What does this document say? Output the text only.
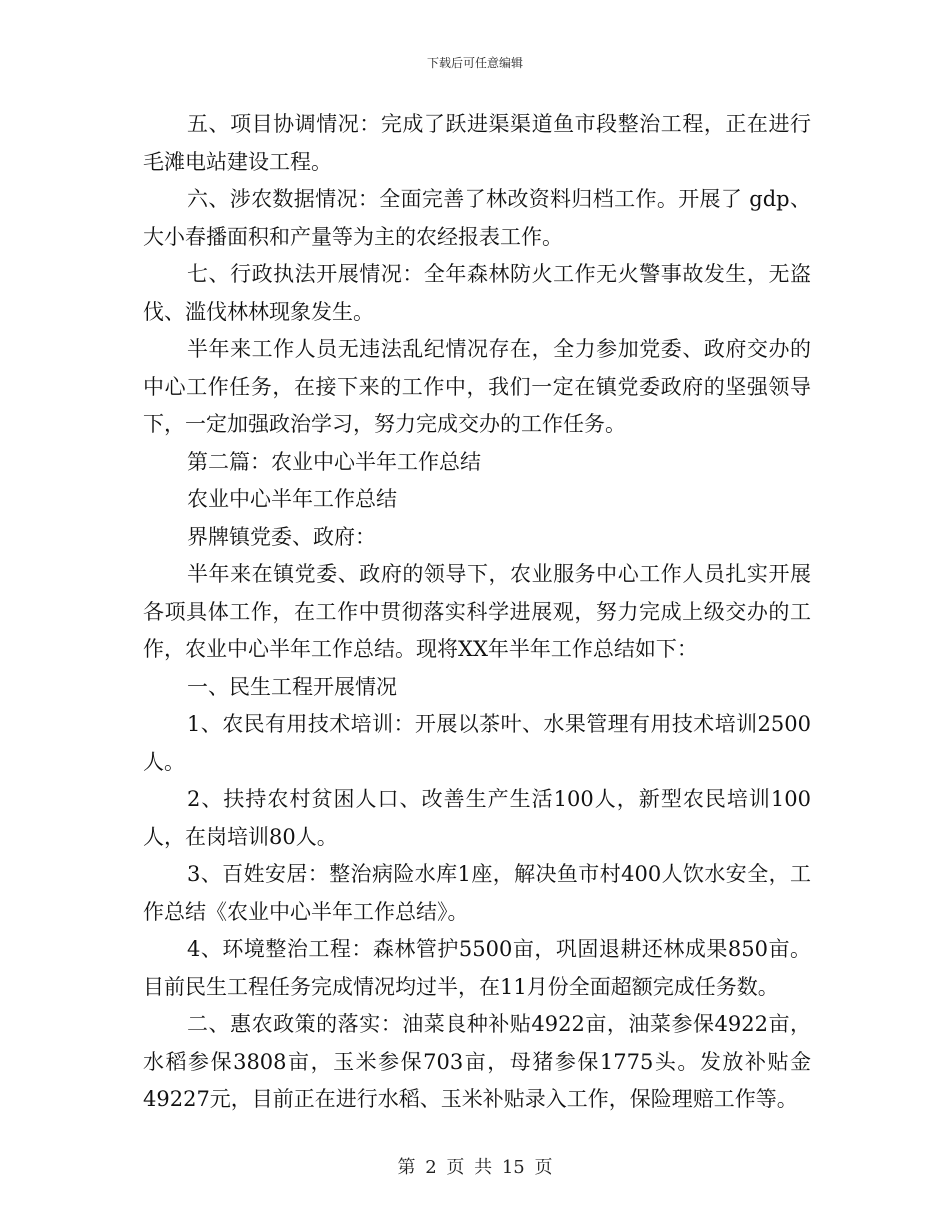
下载后可任意编辑

五、项目协调情况：完成了跃进渠渠道鱼市段整治工程，正在进行毛滩电站建设工程。

六、涉农数据情况：全面完善了林改资料归档工作。开展了 gdp、大小春播面积和产量等为主的农经报表工作。

七、行政执法开展情况：全年森林防火工作无火警事故发生，无盗伐、滥伐林林现象发生。

半年来工作人员无违法乱纪情况存在，全力参加党委、政府交办的中心工作任务，在接下来的工作中，我们一定在镇党委政府的坚强领导下，一定加强政治学习，努力完成交办的工作任务。

第二篇：农业中心半年工作总结

农业中心半年工作总结

界牌镇党委、政府：

半年来在镇党委、政府的领导下，农业服务中心工作人员扎实开展各项具体工作，在工作中贯彻落实科学进展观，努力完成上级交办的工作，农业中心半年工作总结。现将XX年半年工作总结如下：

一、民生工程开展情况

1、农民有用技术培训：开展以茶叶、水果管理有用技术培训2500人。

2、扶持农村贫困人口、改善生产生活100人，新型农民培训100人，在岗培训80人。

3、百姓安居：整治病险水库1座，解决鱼市村400人饮水安全，工作总结《农业中心半年工作总结》。

4、环境整治工程：森林管护5500亩，巩固退耕还林成果850亩。目前民生工程任务完成情况均过半，在11月份全面超额完成任务数。

二、惠农政策的落实：油菜良种补贴4922亩，油菜参保4922亩，水稻参保3808亩，玉米参保703亩，母猪参保1775头。发放补贴金49227元，目前正在进行水稻、玉米补贴录入工作，保险理赔工作等。

第 2 页 共 15 页
